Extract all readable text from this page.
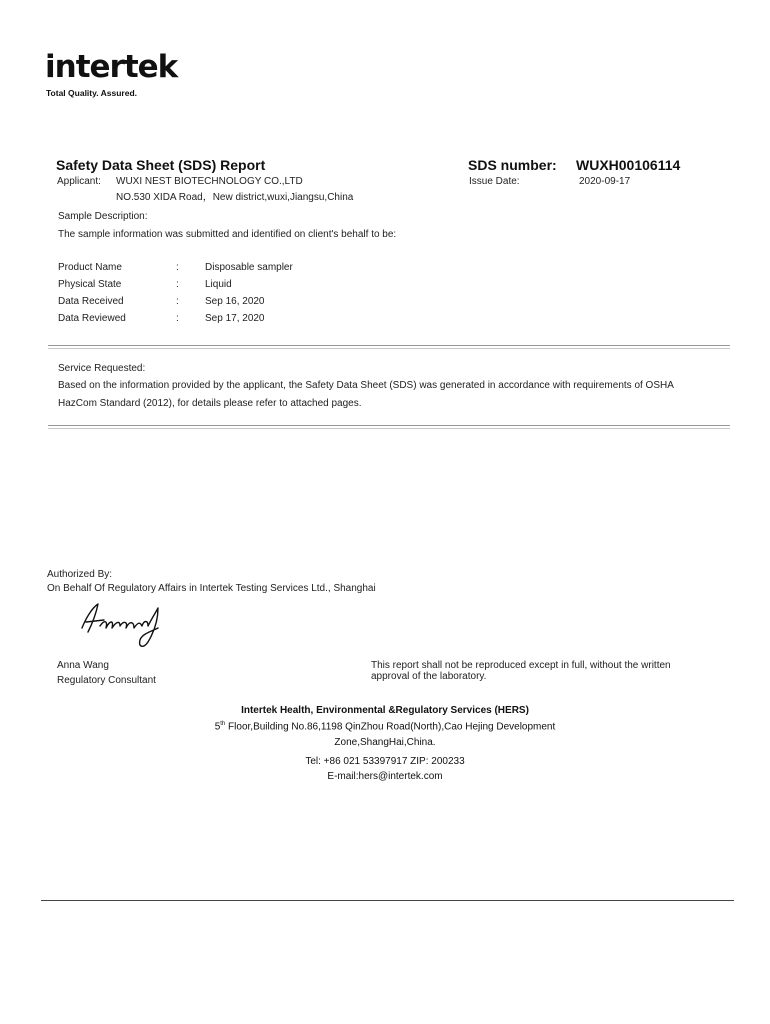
intertek
Total Quality. Assured.
Safety Data Sheet (SDS) Report	SDS number: WUXH00106114
Applicant: WUXI NEST BIOTECHNOLOGY CO.,LTD
NO.530 XIDA Road，New district,wuxi,Jiangsu,China
Issue Date:	2020-09-17
Sample Description:
The sample information was submitted and identified on client's behalf to be:
Product Name	:	Disposable sampler
Physical State	:	Liquid
Data Received	:	Sep 16, 2020
Data Reviewed	:	Sep 17, 2020
Service Requested:
Based on the information provided by the applicant, the Safety Data Sheet (SDS) was generated in accordance with requirements of OSHA
HazCom Standard (2012), for details please refer to attached pages.
Authorized By:
On Behalf Of Regulatory Affairs in Intertek Testing Services Ltd., Shanghai
Anna Wang
Regulatory Consultant
This report shall not be reproduced except in full, without the written
approval of the laboratory.
Intertek Health, Environmental &Regulatory Services (HERS)
5th Floor,Building No.86,1198 QinZhou Road(North),Cao Hejing Development
Zone,ShangHai,China.
Tel: +86 021 53397917 ZIP: 200233
E-mail:hers@intertek.com
